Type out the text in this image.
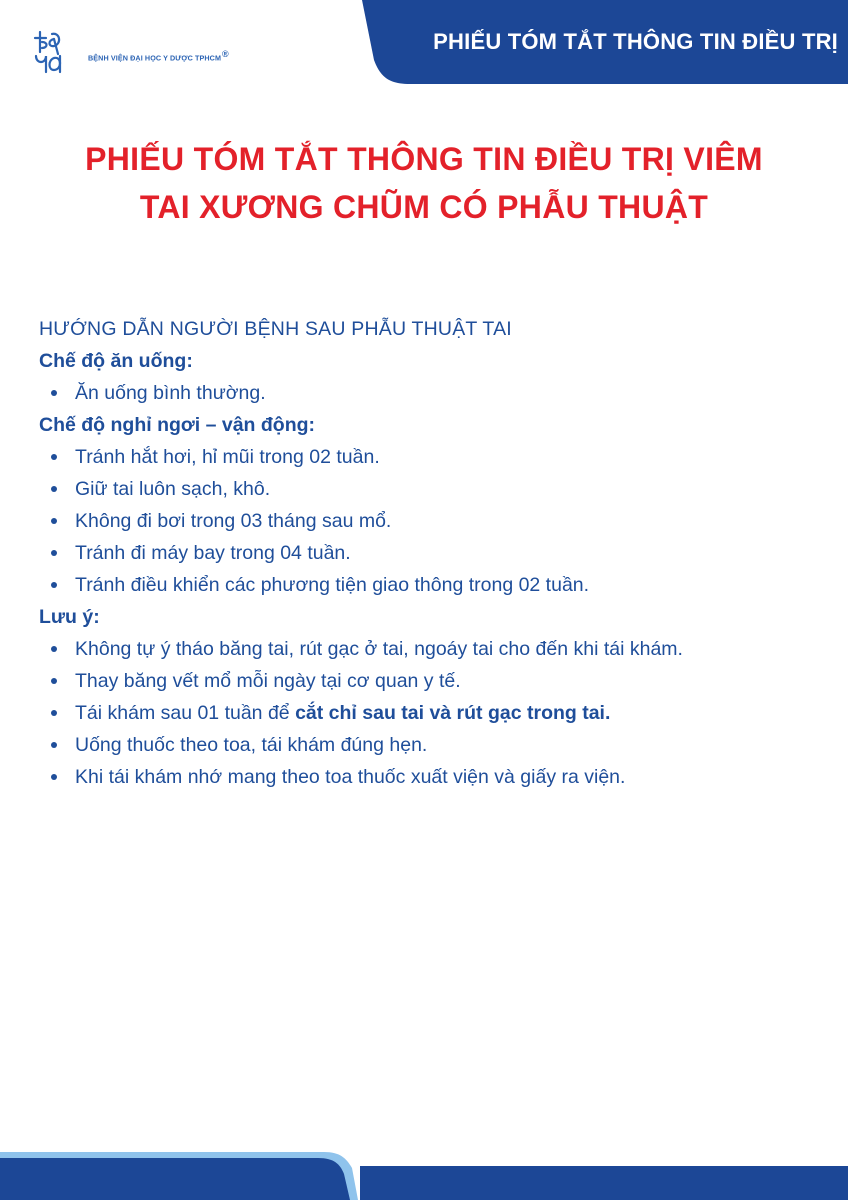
BỆNH VIỆN ĐẠI HỌC Y DƯỢC TPHCM®
PHIẾU TÓM TẮT THÔNG TIN ĐIỀU TRỊ
PHIẾU TÓM TẮT THÔNG TIN ĐIỀU TRỊ VIÊM
TAI XƯƠNG CHŨM CÓ PHẪU THUẬT

HƯỚNG DẪN NGƯỜI BỆNH SAU PHẪU THUẬT TAI

Chế độ ăn uống:

Ăn uống bình thường.

Chế độ nghỉ ngơi – vận động:

Tránh hắt hơi, hỉ mũi trong 02 tuần.
Giữ tai luôn sạch, khô.
Không đi bơi trong 03 tháng sau mổ.
Tránh đi máy bay trong 04 tuần.
Tránh điều khiển các phương tiện giao thông trong 02 tuần.

Lưu ý:

Không tự ý tháo băng tai, rút gạc ở tai, ngoáy tai cho đến khi tái khám.
Thay băng vết mổ mỗi ngày tại cơ quan y tế.
Tái khám sau 01 tuần để cắt chỉ sau tai và rút gạc trong tai.
Uống thuốc theo toa, tái khám đúng hẹn.
Khi tái khám nhớ mang theo toa thuốc xuất viện và giấy ra viện.
